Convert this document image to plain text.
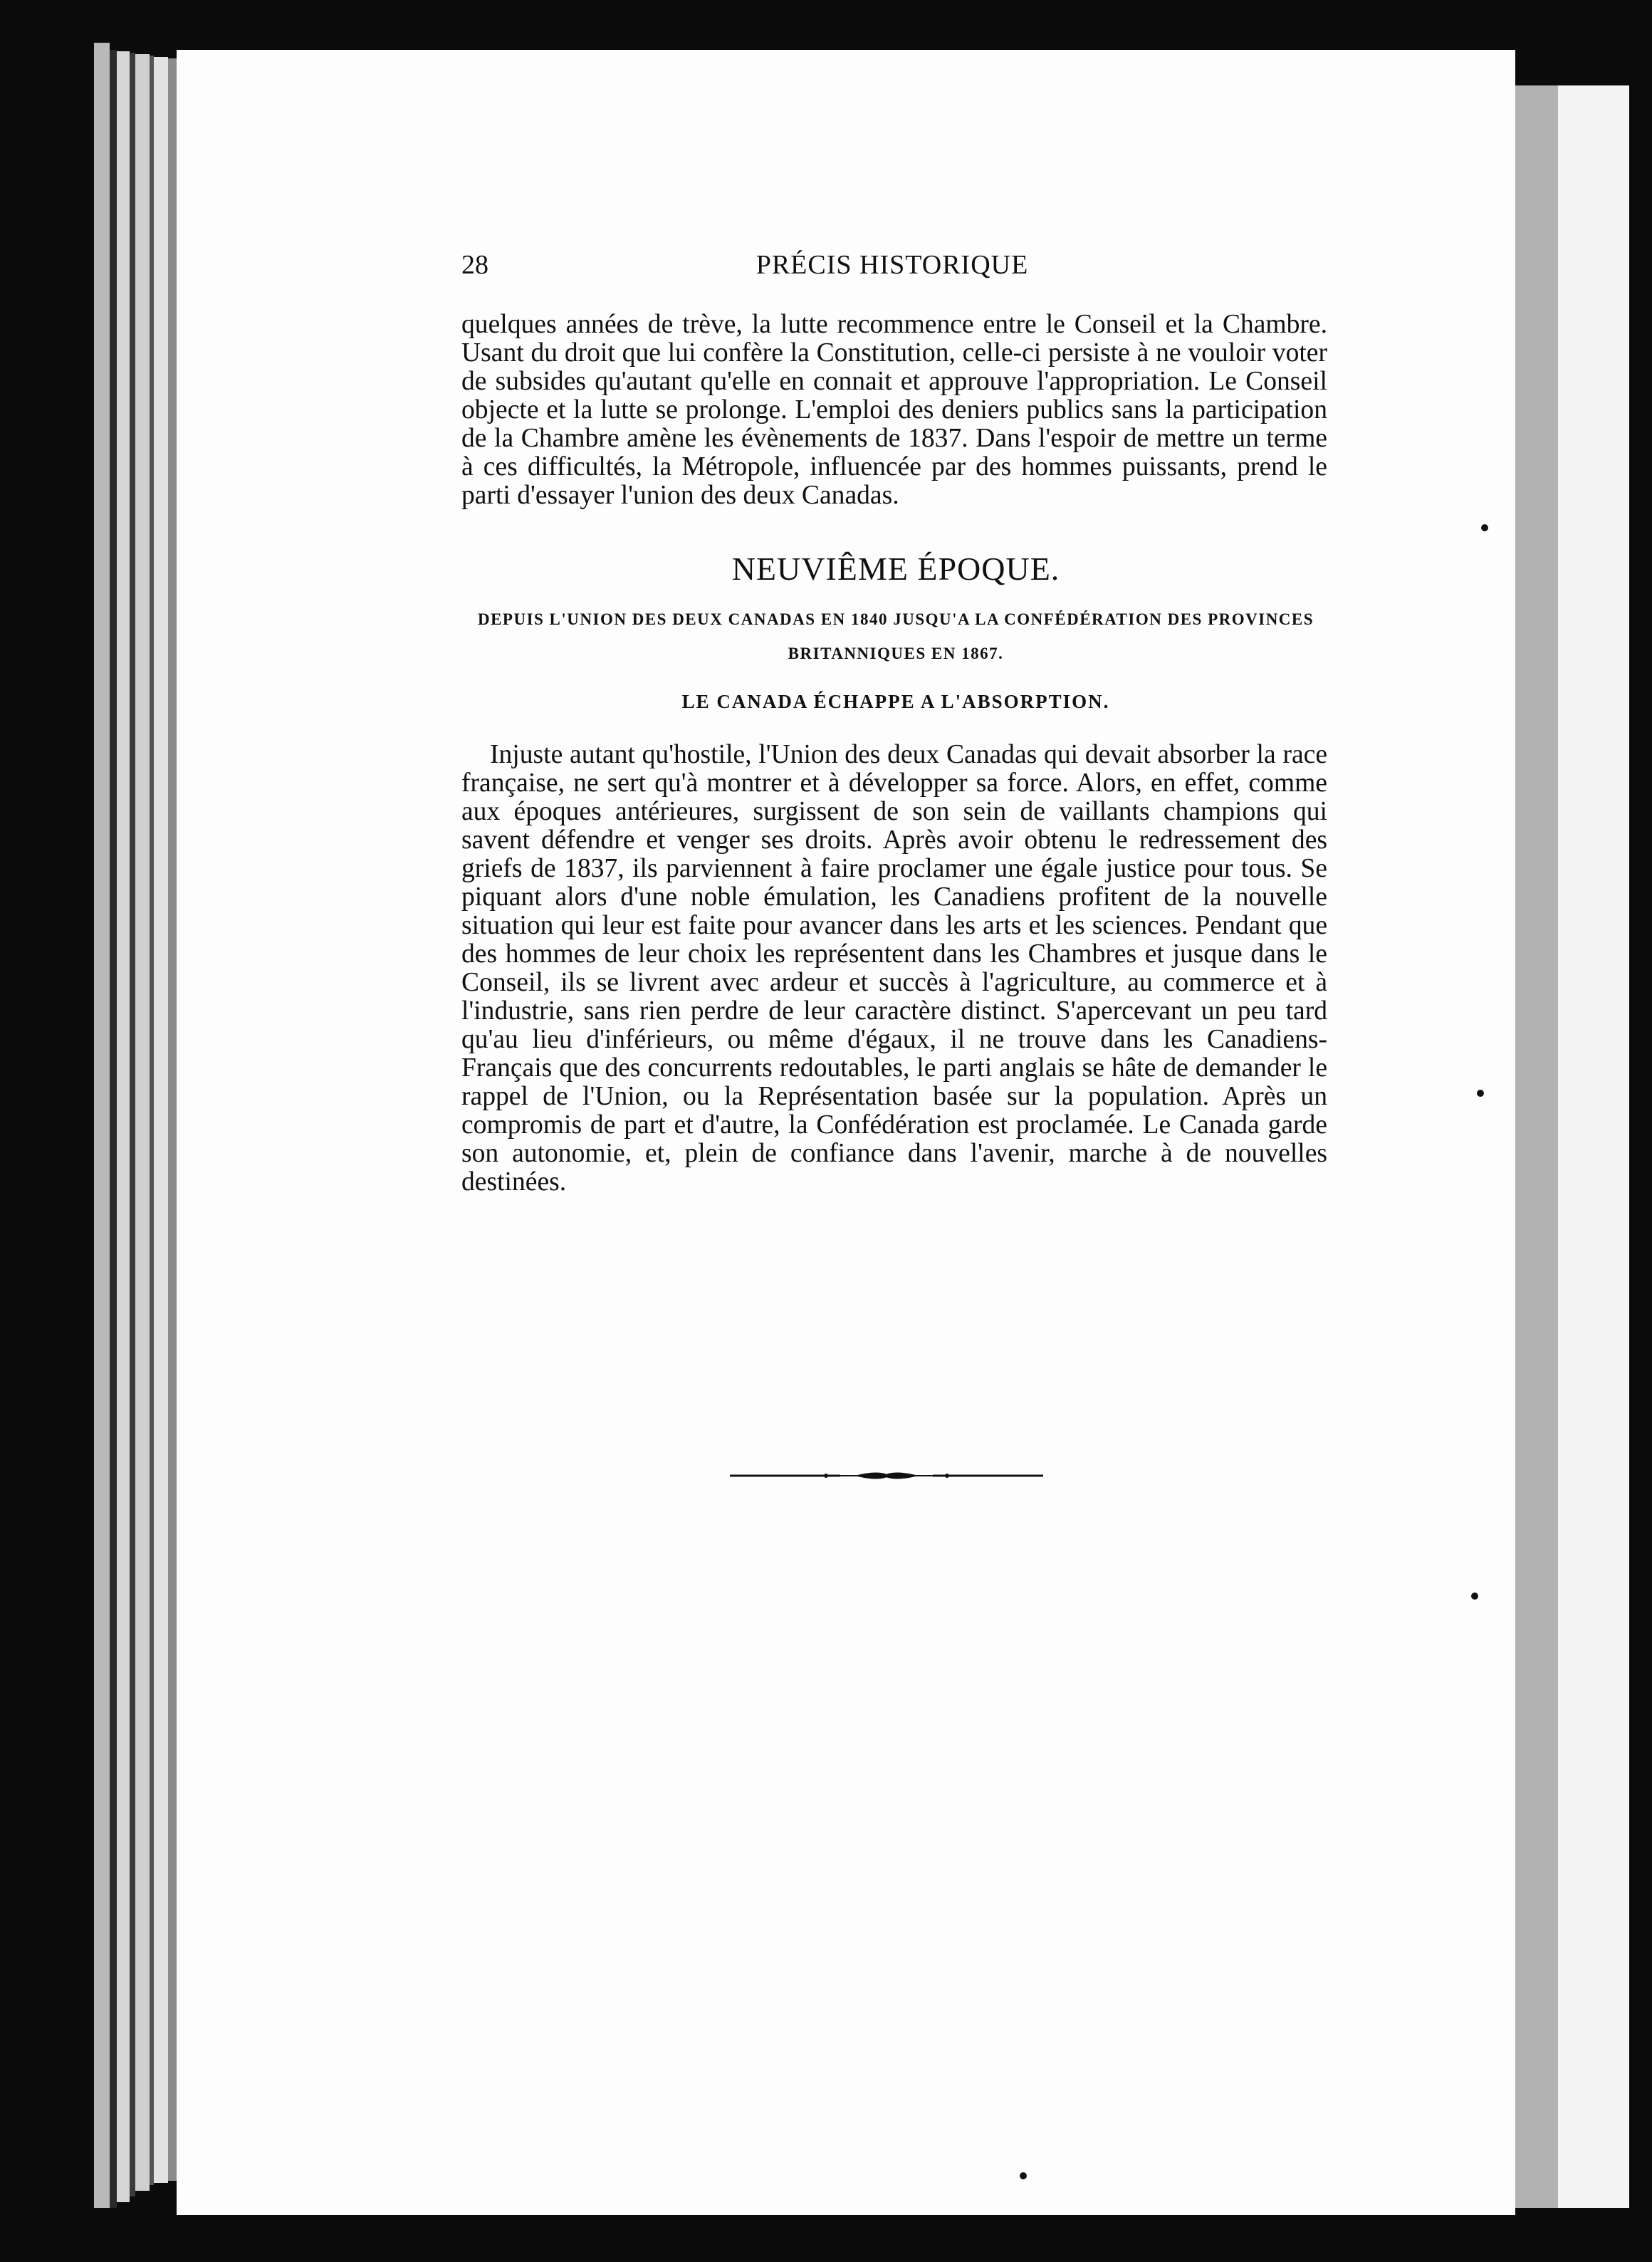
28	PRÉCIS HISTORIQUE

quelques années de trève, la lutte recommence entre le Conseil et la Chambre. Usant du droit que lui confère la Constitution, celle-ci persiste à ne vouloir voter de subsides qu'autant qu'elle en connait et approuve l'appropriation. Le Conseil objecte et la lutte se prolonge. L'emploi des deniers publics sans la participation de la Chambre amène les évènements de 1837. Dans l'espoir de mettre un terme à ces difficultés, la Métropole, influencée par des hommes puissants, prend le parti d'essayer l'union des deux Canadas.

NEUVIÊME ÉPOQUE.
DEPUIS L'UNION DES DEUX CANADAS EN 1840 JUSQU'A LA CONFÉDÉRATION DES PROVINCES BRITANNIQUES EN 1867.
LE CANADA ÉCHAPPE A L'ABSORPTION.

Injuste autant qu'hostile, l'Union des deux Canadas qui devait absorber la race française, ne sert qu'à montrer et à développer sa force. Alors, en effet, comme aux époques antérieures, surgissent de son sein de vaillants champions qui savent défendre et venger ses droits. Après avoir obtenu le redressement des griefs de 1837, ils parviennent à faire proclamer une égale justice pour tous. Se piquant alors d'une noble émulation, les Canadiens profitent de la nouvelle situation qui leur est faite pour avancer dans les arts et les sciences. Pendant que des hommes de leur choix les représentent dans les Chambres et jusque dans le Conseil, ils se livrent avec ardeur et succès à l'agriculture, au commerce et à l'industrie, sans rien perdre de leur caractère distinct. S'apercevant un peu tard qu'au lieu d'inférieurs, ou même d'égaux, il ne trouve dans les Canadiens-Français que des concurrents redoutables, le parti anglais se hâte de demander le rappel de l'Union, ou la Représentation basée sur la population. Après un compromis de part et d'autre, la Confédération est proclamée. Le Canada garde son autonomie, et, plein de confiance dans l'avenir, marche à de nouvelles destinées.
